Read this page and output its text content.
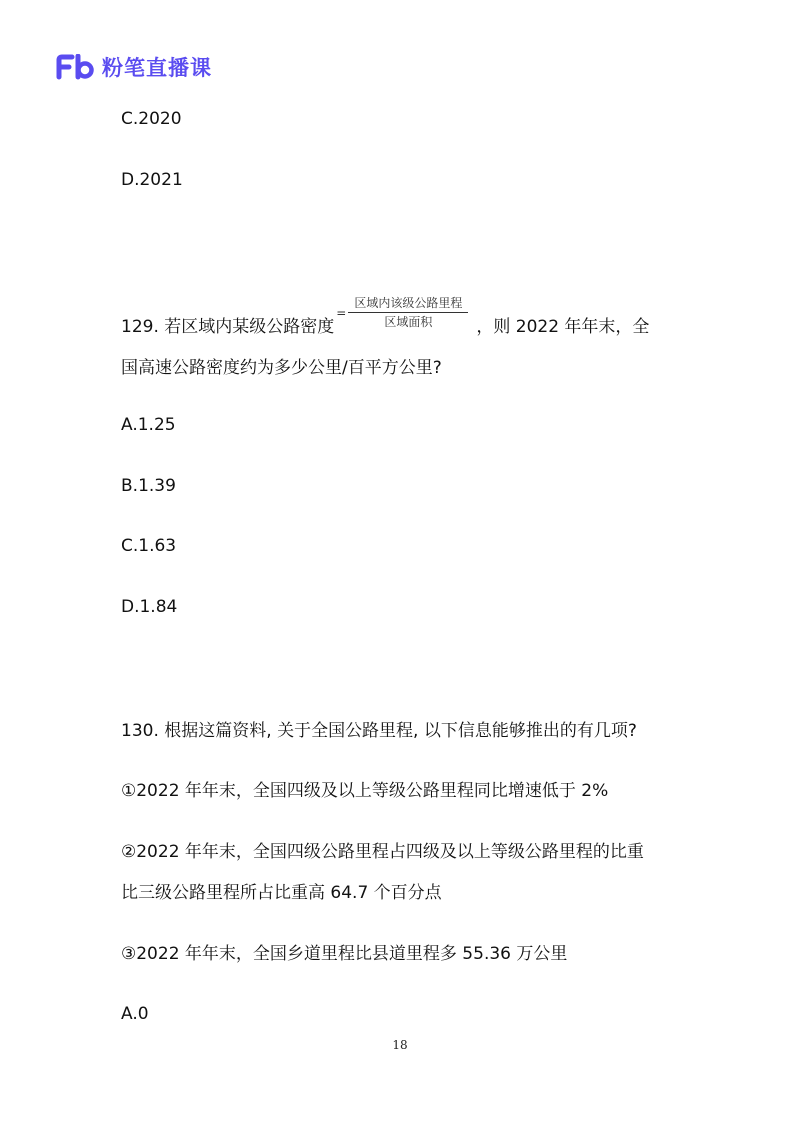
粉笔直播课
C.2020
D.2021
129. 若区域内某级公路密度
= $\frac{\text{区域内该级公路里程}}{\text{区域面积}}$ ，则 2022 年年末，全
国高速公路密度约为多少公里/百平方公里?
A.1.25
B.1.39
C.1.63
D.1.84
130. 根据这篇资料, 关于全国公路里程, 以下信息能够推出的有几项?
①2022 年年末，全国四级及以上等级公路里程同比增速低于 2%
②2022 年年末，全国四级公路里程占四级及以上等级公路里程的比重
比三级公路里程所占比重高 64.7 个百分点
③2022 年年末，全国乡道里程比县道里程多 55.36 万公里
A.0
18
